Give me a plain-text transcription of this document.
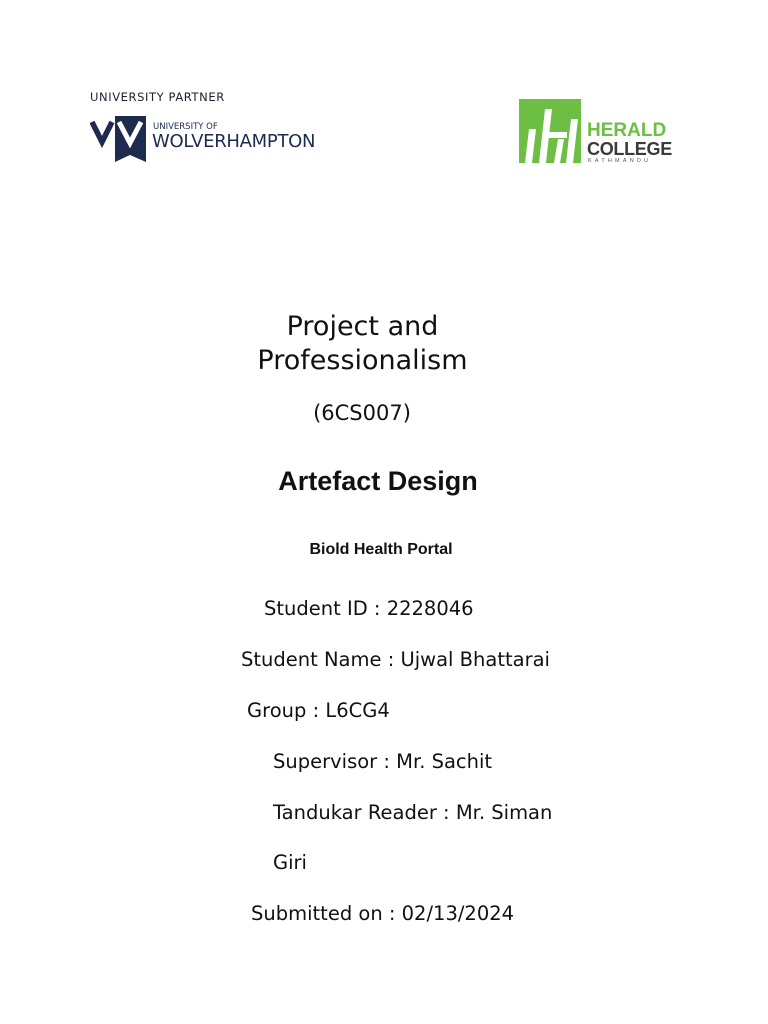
UNIVERSITY PARTNER
UNIVERSITY OF
WOLVERHAMPTON
HERALD
COLLEGE
KATHMANDU
Project and Professionalism
(6CS007)
Artefact Design
Biold Health Portal
Student ID : 2228046
Student Name : Ujwal Bhattarai
Group : L6CG4
Supervisor : Mr. Sachit
Tandukar Reader : Mr. Siman
Giri
Submitted on : 02/13/2024
